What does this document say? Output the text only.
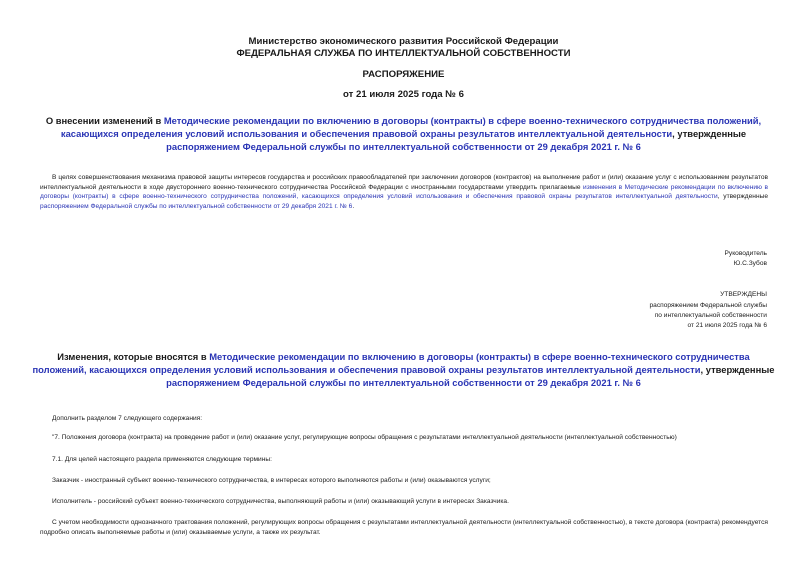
Министерство экономического развития Российской Федерации
ФЕДЕРАЛЬНАЯ СЛУЖБА ПО ИНТЕЛЛЕКТУАЛЬНОЙ СОБСТВЕННОСТИ
РАСПОРЯЖЕНИЕ
от 21 июля 2025 года № 6
О внесении изменений в Методические рекомендации по включению в договоры (контракты) в сфере военно-технического сотрудничества положений, касающихся определения условий использования и обеспечения правовой охраны результатов интеллектуальной деятельности, утвержденные распоряжением Федеральной службы по интеллектуальной собственности от 29 декабря 2021 г. № 6
В целях совершенствования механизма правовой защиты интересов государства и российских правообладателей при заключении договоров (контрактов) на выполнение работ и (или) оказание услуг с использованием результатов интеллектуальной деятельности в ходе двустороннего военно-технического сотрудничества Российской Федерации с иностранными государствами утвердить прилагаемые изменения в Методические рекомендации по включению в договоры (контракты) в сфере военно-технического сотрудничества положений, касающихся определения условий использования и обеспечения правовой охраны результатов интеллектуальной деятельности, утвержденные распоряжением Федеральной службы по интеллектуальной собственности от 29 декабря 2021 г. № 6.
Руководитель
Ю.С.Зубов
УТВЕРЖДЕНЫ
распоряжением Федеральной службы
по интеллектуальной собственности
от 21 июля 2025 года № 6
Изменения, которые вносятся в Методические рекомендации по включению в договоры (контракты) в сфере военно-технического сотрудничества положений, касающихся определения условий использования и обеспечения правовой охраны результатов интеллектуальной деятельности, утвержденные распоряжением Федеральной службы по интеллектуальной собственности от 29 декабря 2021 г. № 6
Дополнить разделом 7 следующего содержания:
"7. Положения договора (контракта) на проведение работ и (или) оказание услуг, регулирующие вопросы обращения с результатами интеллектуальной деятельности (интеллектуальной собственностью)
7.1. Для целей настоящего раздела применяются следующие термины:
Заказчик - иностранный субъект военно-технического сотрудничества, в интересах которого выполняются работы и (или) оказываются услуги;
Исполнитель - российский субъект военно-технического сотрудничества, выполняющий работы и (или) оказывающий услуги в интересах Заказчика.
С учетом необходимости однозначного трактования положений, регулирующих вопросы обращения с результатами интеллектуальной деятельности (интеллектуальной собственностью), в тексте договора (контракта) рекомендуется подробно описать выполняемые работы и (или) оказываемые услуги, а также их результат.
